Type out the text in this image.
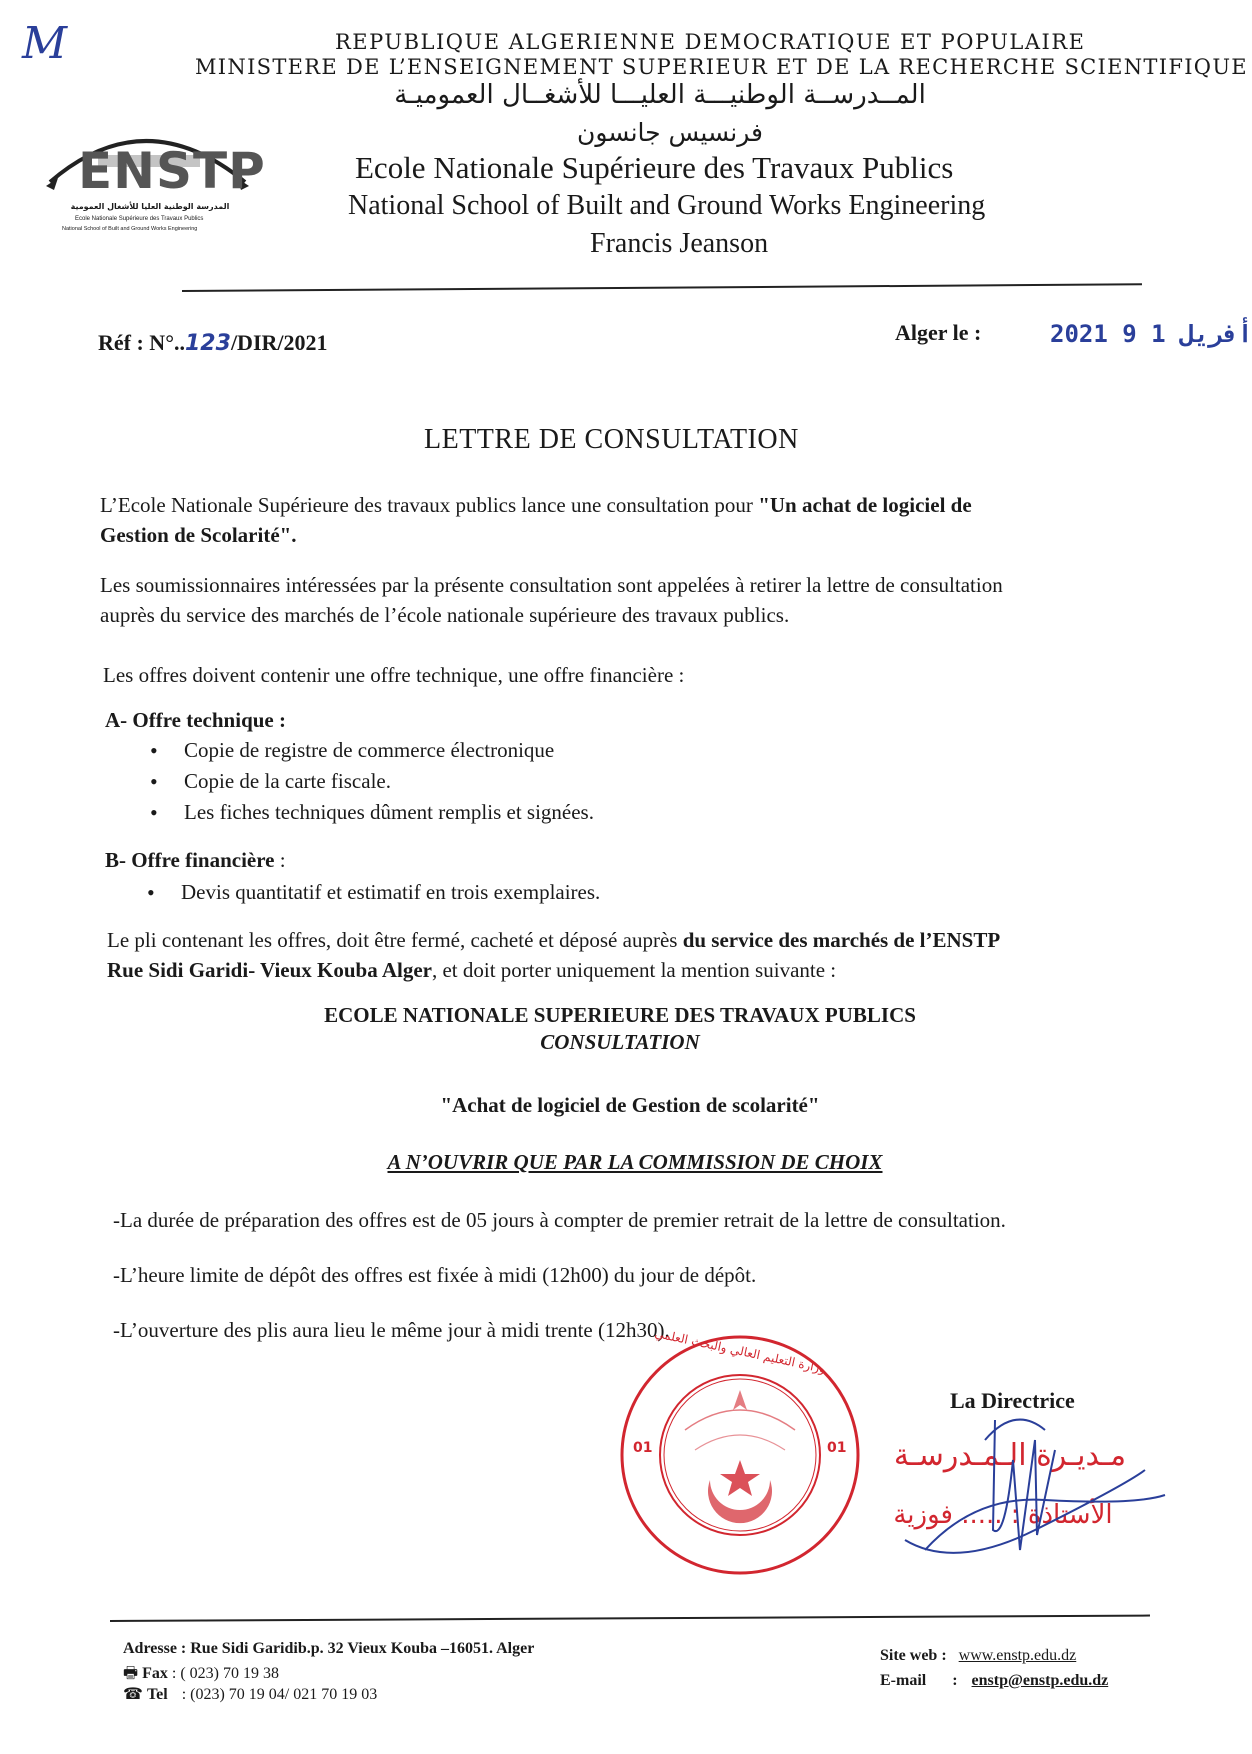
M	REPUBLIQUE ALGERIENNE DEMOCRATIQUE ET POPULAIRE
MINISTERE DE L’ENSEIGNEMENT SUPERIEUR ET DE LA RECHERCHE SCIENTIFIQUE
المــدرســة الوطنيـــة العليـــا للأشغــال العموميـة
فرنسيس جانسون
Ecole Nationale Supérieure des Travaux Publics
National School of Built and Ground Works Engineering
Francis Jeanson
ENSTP
المدرسة الوطنية العليا للأشغال العمومية
Ecole Nationale Supérieure des Travaux Publics
National School of Built and Ground Works Engineering
Réf : N°..123/DIR/2021	Alger le :	2021 أفريل 1 9
LETTRE DE CONSULTATION
L’Ecole Nationale Supérieure des travaux publics lance une consultation pour "Un achat de logiciel de
Gestion de Scolarité".
Les soumissionnaires intéressées par la présente consultation sont appelées à retirer la lettre de consultation
auprès du service des marchés de l’école nationale supérieure des travaux publics.
Les offres doivent contenir une offre technique, une offre financière :
A- Offre technique :
• Copie de registre de commerce électronique
• Copie de la carte fiscale.
• Les fiches techniques dûment remplis et signées.
B- Offre financière :
• Devis quantitatif et estimatif en trois exemplaires.
Le pli contenant les offres, doit être fermé, cacheté et déposé auprès du service des marchés de l’ENSTP
Rue Sidi Garidi- Vieux Kouba Alger, et doit porter uniquement la mention suivante :
ECOLE NATIONALE SUPERIEURE DES TRAVAUX PUBLICS
CONSULTATION
"Achat de logiciel de Gestion de scolarité"
A N’OUVRIR QUE PAR LA COMMISSION DE CHOIX
-La durée de préparation des offres est de 05 jours à compter de premier retrait de la lettre de consultation.
-L’heure limite de dépôt des offres est fixée à midi (12h00) du jour de dépôt.
-L’ouverture des plis aura lieu le même jour à midi trente (12h30).
01	01
وزارة التعليم العالي والبحث العلمي
La Directrice
مـديـرة الـمـدرسـة
الأستاذة : ..... فوزية
Adresse : Rue Sidi Garidib.p. 32 Vieux Kouba –16051. Alger
🖶 Fax : ( 023) 70 19 38
☎ Tel : (023) 70 19 04/ 021 70 19 03
Site web : www.enstp.edu.dz
E-mail : enstp@enstp.edu.dz
